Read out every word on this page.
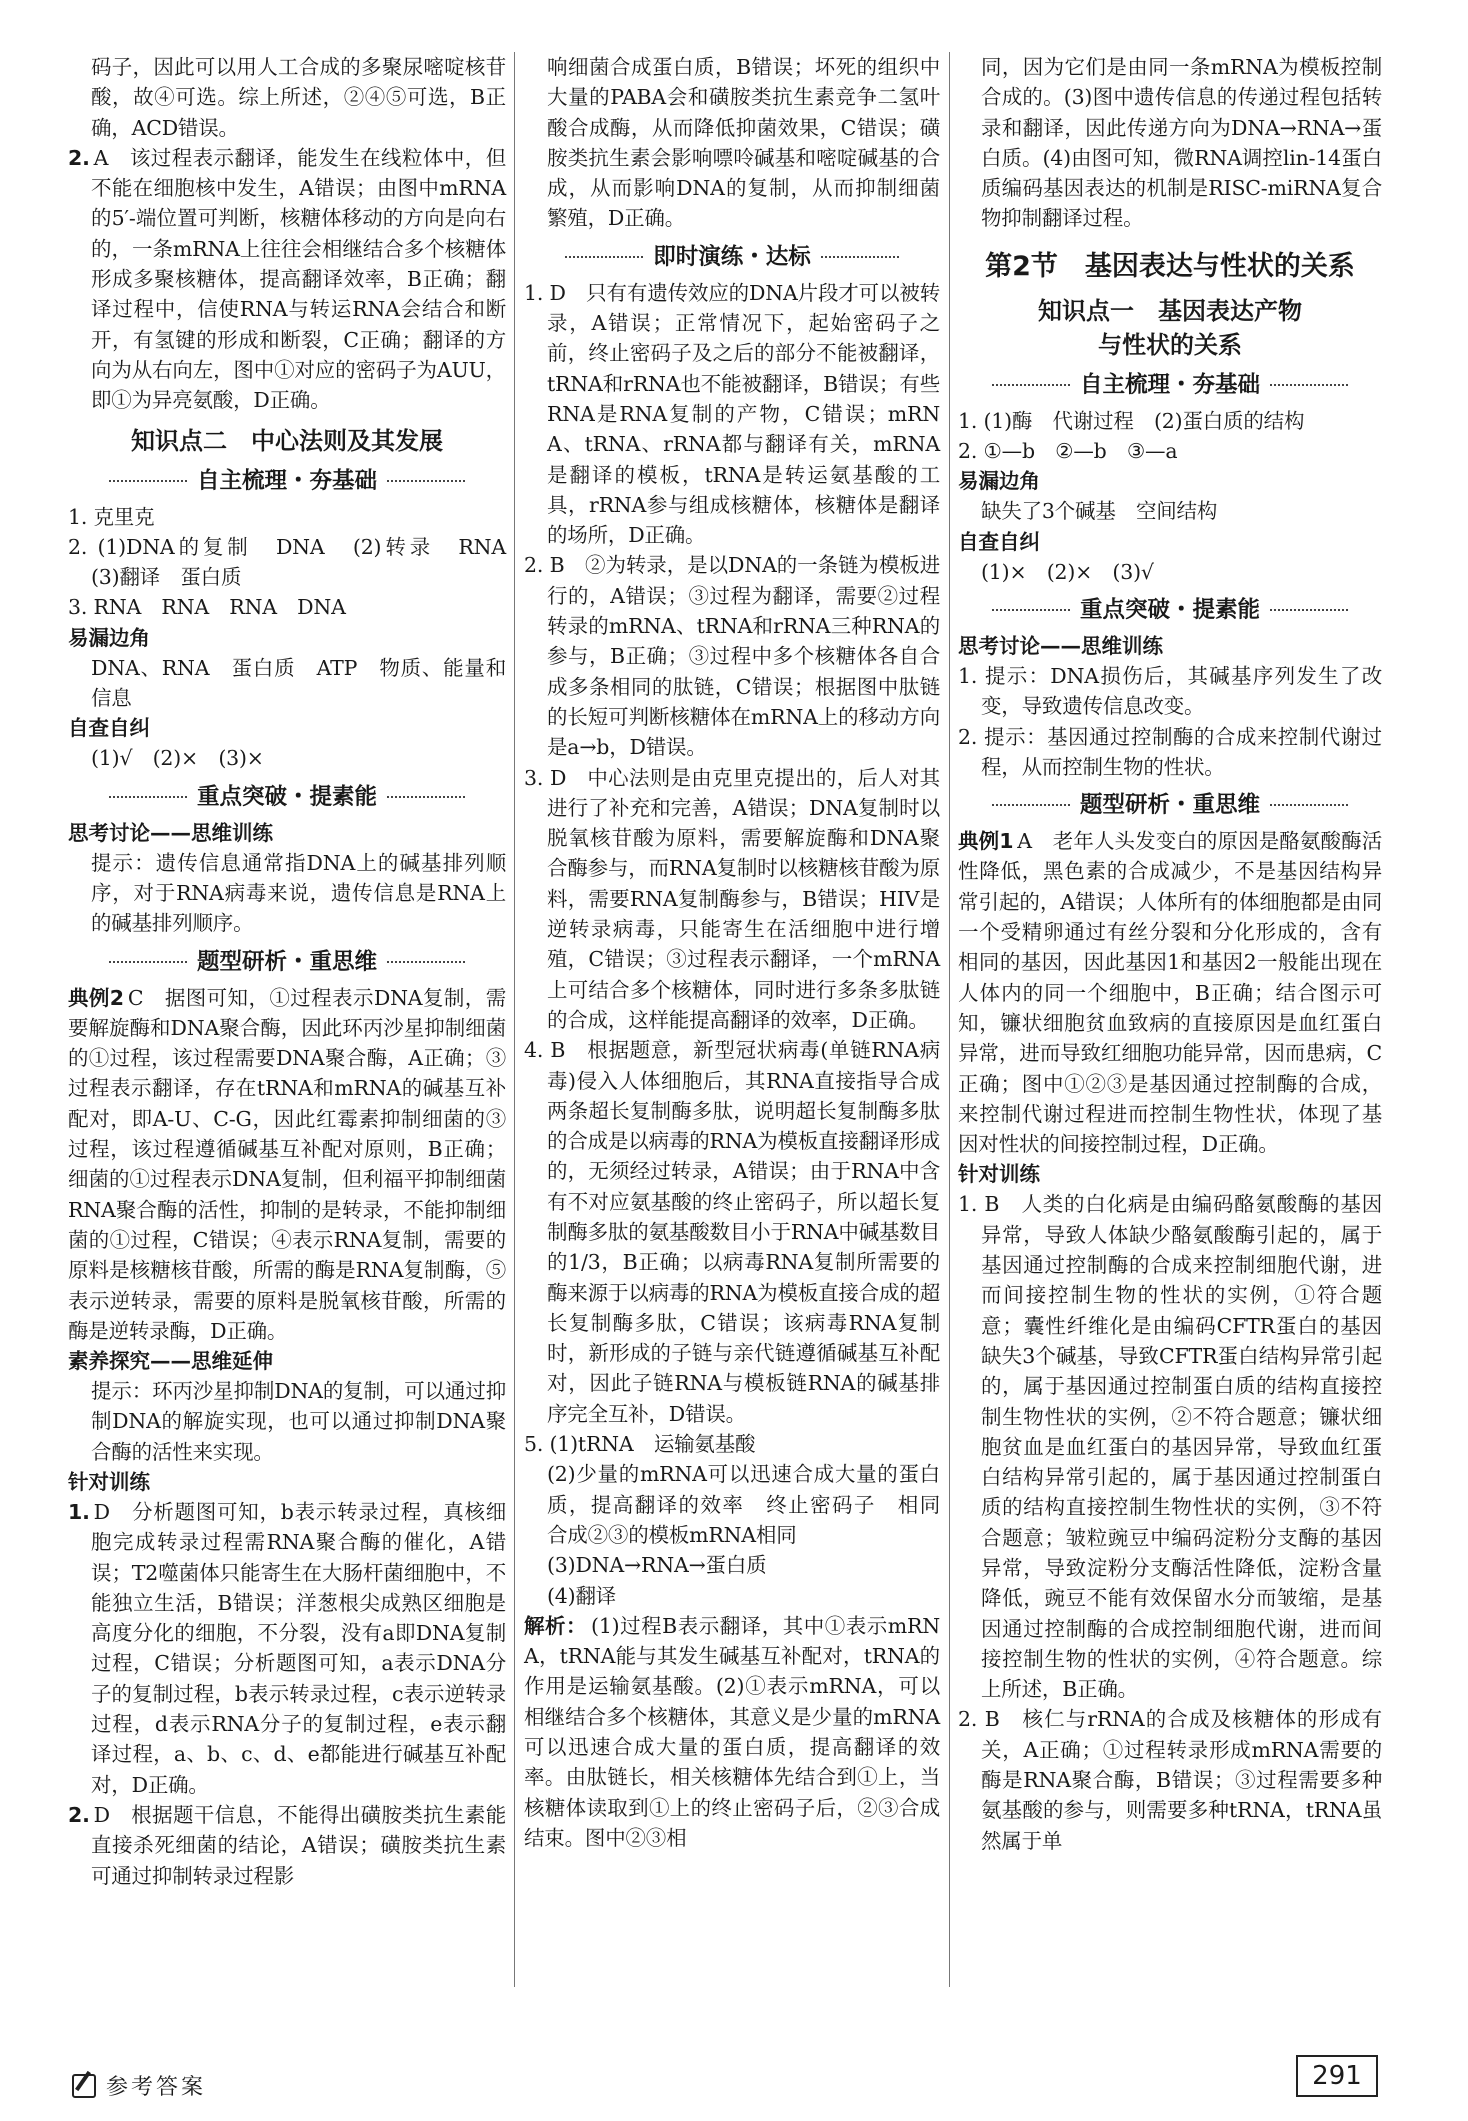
码子，因此可以用人工合成的多聚尿嘧啶核苷酸，故④可选。综上所述，②④⑤可选，B正确，ACD错误。

2. A　该过程表示翻译，能发生在线粒体中，但不能在细胞核中发生，A错误；由图中mRNA的5′-端位置可判断，核糖体移动的方向是向右的，一条mRNA上往往会相继结合多个核糖体形成多聚核糖体，提高翻译效率，B正确；翻译过程中，信使RNA与转运RNA会结合和断开，有氢键的形成和断裂，C正确；翻译的方向为从右向左，图中①对应的密码子为AUU，即①为异亮氨酸，D正确。

知识点二　中心法则及其发展
自主梳理・夯基础

1. 克里克

2. (1)DNA的复制　DNA　(2)转录　RNA　(3)翻译　蛋白质

3. RNA　RNA　RNA　DNA

易漏边角

DNA、RNA　蛋白质　ATP　物质、能量和信息

自查自纠

(1)√　(2)×　(3)×

重点突破・提素能

思考讨论——思维训练

提示：遗传信息通常指DNA上的碱基排列顺序，对于RNA病毒来说，遗传信息是RNA上的碱基排列顺序。

题型研析・重思维

典例2 C　据图可知，①过程表示DNA复制，需要解旋酶和DNA聚合酶，因此环丙沙星抑制细菌的①过程，该过程需要DNA聚合酶，A正确；③过程表示翻译，存在tRNA和mRNA的碱基互补配对，即A-U、C-G，因此红霉素抑制细菌的③过程，该过程遵循碱基互补配对原则，B正确；细菌的①过程表示DNA复制，但利福平抑制细菌RNA聚合酶的活性，抑制的是转录，不能抑制细菌的①过程，C错误；④表示RNA复制，需要的原料是核糖核苷酸，所需的酶是RNA复制酶，⑤表示逆转录，需要的原料是脱氧核苷酸，所需的酶是逆转录酶，D正确。

素养探究——思维延伸

提示：环丙沙星抑制DNA的复制，可以通过抑制DNA的解旋实现，也可以通过抑制DNA聚合酶的活性来实现。

针对训练

1. D　分析题图可知，b表示转录过程，真核细胞完成转录过程需RNA聚合酶的催化，A错误；T2噬菌体只能寄生在大肠杆菌细胞中，不能独立生活，B错误；洋葱根尖成熟区细胞是高度分化的细胞，不分裂，没有a即DNA复制过程，C错误；分析题图可知，a表示DNA分子的复制过程，b表示转录过程，c表示逆转录过程，d表示RNA分子的复制过程，e表示翻译过程，a、b、c、d、e都能进行碱基互补配对，D正确。

2. D　根据题干信息，不能得出磺胺类抗生素能直接杀死细菌的结论，A错误；磺胺类抗生素可通过抑制转录过程影

响细菌合成蛋白质，B错误；坏死的组织中大量的PABA会和磺胺类抗生素竞争二氢叶酸合成酶，从而降低抑菌效果，C错误；磺胺类抗生素会影响嘌呤碱基和嘧啶碱基的合成，从而影响DNA的复制，从而抑制细菌繁殖，D正确。

即时演练・达标

1. D　只有有遗传效应的DNA片段才可以被转录，A错误；正常情况下，起始密码子之前，终止密码子及之后的部分不能被翻译，tRNA和rRNA也不能被翻译，B错误；有些RNA是RNA复制的产物，C错误；mRNA、tRNA、rRNA都与翻译有关，mRNA是翻译的模板，tRNA是转运氨基酸的工具，rRNA参与组成核糖体，核糖体是翻译的场所，D正确。

2. B　②为转录，是以DNA的一条链为模板进行的，A错误；③过程为翻译，需要②过程转录的mRNA、tRNA和rRNA三种RNA的参与，B正确；③过程中多个核糖体各自合成多条相同的肽链，C错误；根据图中肽链的长短可判断核糖体在mRNA上的移动方向是a→b，D错误。

3. D　中心法则是由克里克提出的，后人对其进行了补充和完善，A错误；DNA复制时以脱氧核苷酸为原料，需要解旋酶和DNA聚合酶参与，而RNA复制时以核糖核苷酸为原料，需要RNA复制酶参与，B错误；HIV是逆转录病毒，只能寄生在活细胞中进行增殖，C错误；③过程表示翻译，一个mRNA上可结合多个核糖体，同时进行多条多肽链的合成，这样能提高翻译的效率，D正确。

4. B　根据题意，新型冠状病毒(单链RNA病毒)侵入人体细胞后，其RNA直接指导合成两条超长复制酶多肽，说明超长复制酶多肽的合成是以病毒的RNA为模板直接翻译形成的，无须经过转录，A错误；由于RNA中含有不对应氨基酸的终止密码子，所以超长复制酶多肽的氨基酸数目小于RNA中碱基数目的1/3，B正确；以病毒RNA复制所需要的酶来源于以病毒的RNA为模板直接合成的超长复制酶多肽，C错误；该病毒RNA复制时，新形成的子链与亲代链遵循碱基互补配对，因此子链RNA与模板链RNA的碱基排序完全互补，D错误。

5. (1)tRNA　运输氨基酸

(2)少量的mRNA可以迅速合成大量的蛋白质，提高翻译的效率　终止密码子　相同　合成②③的模板mRNA相同

(3)DNA→RNA→蛋白质

(4)翻译

解析： (1)过程B表示翻译，其中①表示mRNA，tRNA能与其发生碱基互补配对，tRNA的作用是运输氨基酸。(2)①表示mRNA，可以相继结合多个核糖体，其意义是少量的mRNA可以迅速合成大量的蛋白质，提高翻译的效率。由肽链长，相关核糖体先结合到①上，当核糖体读取到①上的终止密码子后，②③合成结束。图中②③相

同，因为它们是由同一条mRNA为模板控制合成的。(3)图中遗传信息的传递过程包括转录和翻译，因此传递方向为DNA→RNA→蛋白质。(4)由图可知，微RNA调控lin-14蛋白质编码基因表达的机制是RISC-miRNA复合物抑制翻译过程。

第2节　基因表达与性状的关系
知识点一　基因表达产物
与性状的关系
自主梳理・夯基础

1. (1)酶　代谢过程　(2)蛋白质的结构

2. ①—b　②—b　③—a

易漏边角

缺失了3个碱基　空间结构

自查自纠

(1)×　(2)×　(3)√

重点突破・提素能

思考讨论——思维训练

1. 提示：DNA损伤后，其碱基序列发生了改变，导致遗传信息改变。

2. 提示：基因通过控制酶的合成来控制代谢过程，从而控制生物的性状。

题型研析・重思维

典例1 A　老年人头发变白的原因是酪氨酸酶活性降低，黑色素的合成减少，不是基因结构异常引起的，A错误；人体所有的体细胞都是由同一个受精卵通过有丝分裂和分化形成的，含有相同的基因，因此基因1和基因2一般能出现在人体内的同一个细胞中，B正确；结合图示可知，镰状细胞贫血致病的直接原因是血红蛋白异常，进而导致红细胞功能异常，因而患病，C正确；图中①②③是基因通过控制酶的合成，来控制代谢过程进而控制生物性状，体现了基因对性状的间接控制过程，D正确。

针对训练

1. B　人类的白化病是由编码酪氨酸酶的基因异常，导致人体缺少酪氨酸酶引起的，属于基因通过控制酶的合成来控制细胞代谢，进而间接控制生物的性状的实例，①符合题意；囊性纤维化是由编码CFTR蛋白的基因缺失3个碱基，导致CFTR蛋白结构异常引起的，属于基因通过控制蛋白质的结构直接控制生物性状的实例，②不符合题意；镰状细胞贫血是血红蛋白的基因异常，导致血红蛋白结构异常引起的，属于基因通过控制蛋白质的结构直接控制生物性状的实例，③不符合题意；皱粒豌豆中编码淀粉分支酶的基因异常，导致淀粉分支酶活性降低，淀粉含量降低，豌豆不能有效保留水分而皱缩，是基因通过控制酶的合成控制细胞代谢，进而间接控制生物的性状的实例，④符合题意。综上所述，B正确。

2. B　核仁与rRNA的合成及核糖体的形成有关，A正确；①过程转录形成mRNA需要的酶是RNA聚合酶，B错误；③过程需要多种氨基酸的参与，则需要多种tRNA，tRNA虽然属于单

参考答案	291
